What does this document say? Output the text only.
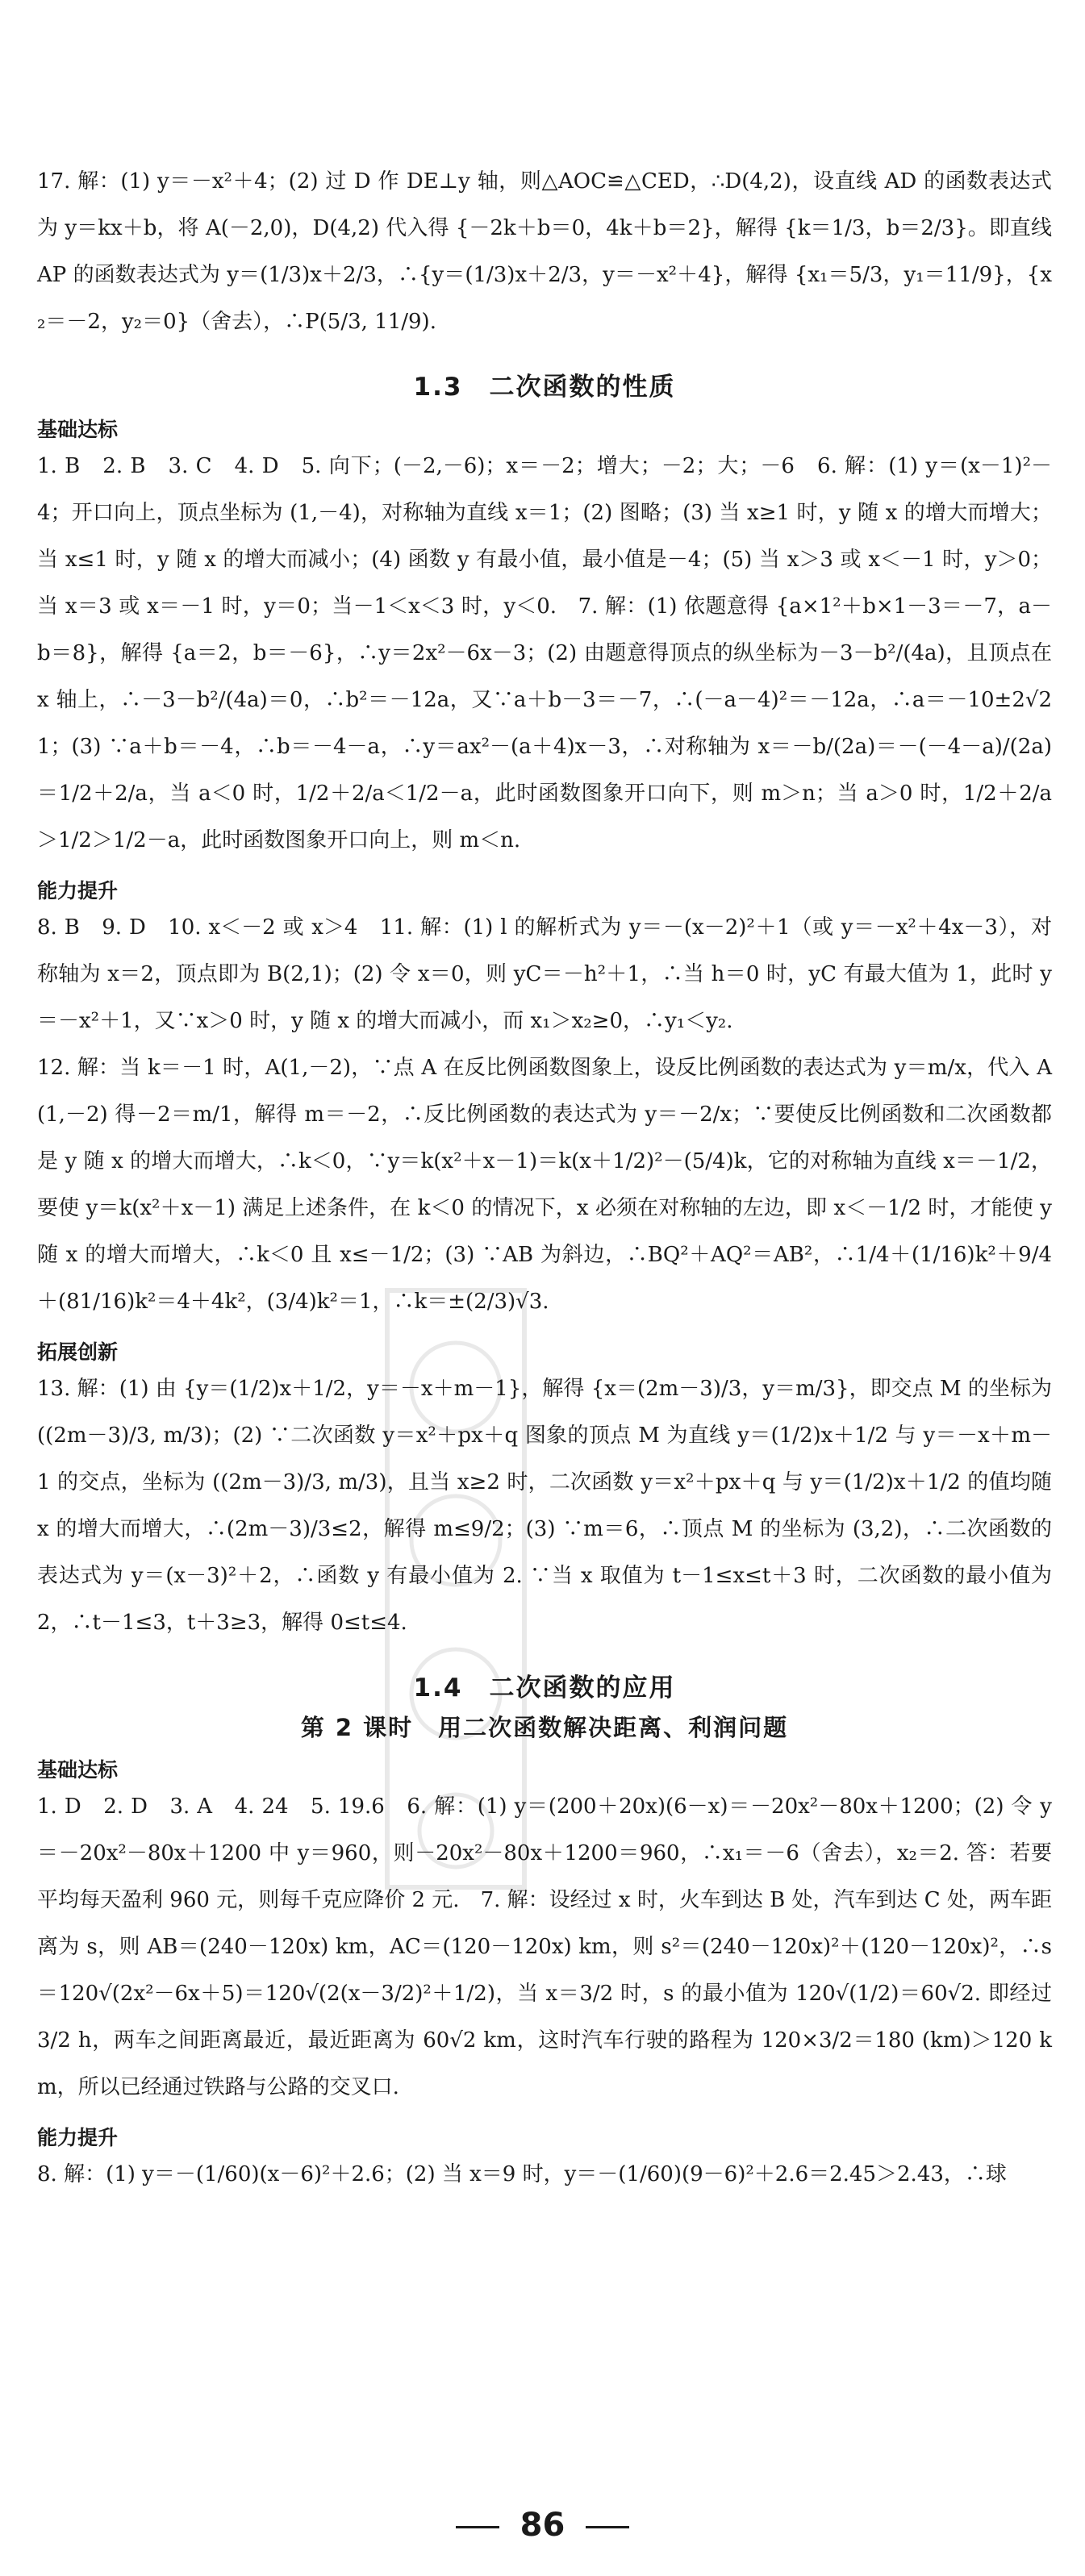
17. 解：(1) y＝－x²＋4；(2) 过 D 作 DE⊥y 轴，则△AOC≌△CED，∴D(4,2)，设直线 AD 的函数表达式为 y＝kx＋b，将 A(－2,0)，D(4,2) 代入得 {－2k＋b＝0，4k＋b＝2}，解得 {k＝1/3，b＝2/3}。即直线 AP 的函数表达式为 y＝(1/3)x＋2/3，∴{y＝(1/3)x＋2/3，y＝－x²＋4}，解得 {x₁＝5/3，y₁＝11/9}，{x₂＝－2，y₂＝0}（舍去），∴P(5/3, 11/9).

1.3　二次函数的性质
基础达标

1. B　2. B　3. C　4. D　5. 向下；(－2,－6)；x＝－2；增大；－2；大；－6　6. 解：(1) y＝(x－1)²－4；开口向上，顶点坐标为 (1,－4)，对称轴为直线 x＝1；(2) 图略；(3) 当 x≥1 时，y 随 x 的增大而增大；当 x≤1 时，y 随 x 的增大而减小；(4) 函数 y 有最小值，最小值是－4；(5) 当 x＞3 或 x＜－1 时，y＞0；当 x＝3 或 x＝－1 时，y＝0；当－1＜x＜3 时，y＜0.　7. 解：(1) 依题意得 {a×1²＋b×1－3＝－7，a－b＝8}，解得 {a＝2，b＝－6}，∴y＝2x²－6x－3；(2) 由题意得顶点的纵坐标为－3－b²/(4a)，且顶点在 x 轴上，∴－3－b²/(4a)＝0，∴b²＝－12a，又∵a＋b－3＝－7，∴(－a－4)²＝－12a，∴a＝－10±2√21；(3) ∵a＋b＝－4，∴b＝－4－a，∴y＝ax²－(a＋4)x－3，∴对称轴为 x＝－b/(2a)＝－(－4－a)/(2a)＝1/2＋2/a，当 a＜0 时，1/2＋2/a＜1/2－a，此时函数图象开口向下，则 m＞n；当 a＞0 时，1/2＋2/a＞1/2＞1/2－a，此时函数图象开口向上，则 m＜n.

能力提升

8. B　9. D　10. x＜－2 或 x＞4　11. 解：(1) l 的解析式为 y＝－(x－2)²＋1（或 y＝－x²＋4x－3），对称轴为 x＝2，顶点即为 B(2,1)；(2) 令 x＝0，则 yC＝－h²＋1，∴当 h＝0 时，yC 有最大值为 1，此时 y＝－x²＋1，又∵x＞0 时，y 随 x 的增大而减小，而 x₁＞x₂≥0，∴y₁＜y₂.

12. 解：当 k＝－1 时，A(1,－2)，∵点 A 在反比例函数图象上，设反比例函数的表达式为 y＝m/x，代入 A(1,－2) 得－2＝m/1，解得 m＝－2，∴反比例函数的表达式为 y＝－2/x；∵要使反比例函数和二次函数都是 y 随 x 的增大而增大，∴k＜0，∵y＝k(x²＋x－1)＝k(x＋1/2)²－(5/4)k，它的对称轴为直线 x＝－1/2，要使 y＝k(x²＋x－1) 满足上述条件，在 k＜0 的情况下，x 必须在对称轴的左边，即 x＜－1/2 时，才能使 y 随 x 的增大而增大，∴k＜0 且 x≤－1/2；(3) ∵AB 为斜边，∴BQ²＋AQ²＝AB²，∴1/4＋(1/16)k²＋9/4＋(81/16)k²＝4＋4k²，(3/4)k²＝1，∴k＝±(2/3)√3.

拓展创新

13. 解：(1) 由 {y＝(1/2)x＋1/2，y＝－x＋m－1}，解得 {x＝(2m－3)/3，y＝m/3}，即交点 M 的坐标为 ((2m－3)/3, m/3)；(2) ∵二次函数 y＝x²＋px＋q 图象的顶点 M 为直线 y＝(1/2)x＋1/2 与 y＝－x＋m－1 的交点，坐标为 ((2m－3)/3, m/3)，且当 x≥2 时，二次函数 y＝x²＋px＋q 与 y＝(1/2)x＋1/2 的值均随 x 的增大而增大，∴(2m－3)/3≤2，解得 m≤9/2；(3) ∵m＝6，∴顶点 M 的坐标为 (3,2)，∴二次函数的表达式为 y＝(x－3)²＋2，∴函数 y 有最小值为 2. ∵当 x 取值为 t－1≤x≤t＋3 时，二次函数的最小值为 2，∴t－1≤3，t＋3≥3，解得 0≤t≤4.

1.4　二次函数的应用
第 2 课时　用二次函数解决距离、利润问题
基础达标

1. D　2. D　3. A　4. 24　5. 19.6　6. 解：(1) y＝(200＋20x)(6－x)＝－20x²－80x＋1200；(2) 令 y＝－20x²－80x＋1200 中 y＝960，则－20x²－80x＋1200＝960，∴x₁＝－6（舍去），x₂＝2. 答：若要平均每天盈利 960 元，则每千克应降价 2 元.　7. 解：设经过 x 时，火车到达 B 处，汽车到达 C 处，两车距离为 s，则 AB＝(240－120x) km，AC＝(120－120x) km，则 s²＝(240－120x)²＋(120－120x)²，∴s＝120√(2x²－6x＋5)＝120√(2(x－3/2)²＋1/2)，当 x＝3/2 时，s 的最小值为 120√(1/2)＝60√2. 即经过 3/2 h，两车之间距离最近，最近距离为 60√2 km，这时汽车行驶的路程为 120×3/2＝180 (km)＞120 km，所以已经通过铁路与公路的交叉口.

能力提升

8. 解：(1) y＝－(1/60)(x－6)²＋2.6；(2) 当 x＝9 时，y＝－(1/60)(9－6)²＋2.6＝2.45＞2.43，∴球

86
